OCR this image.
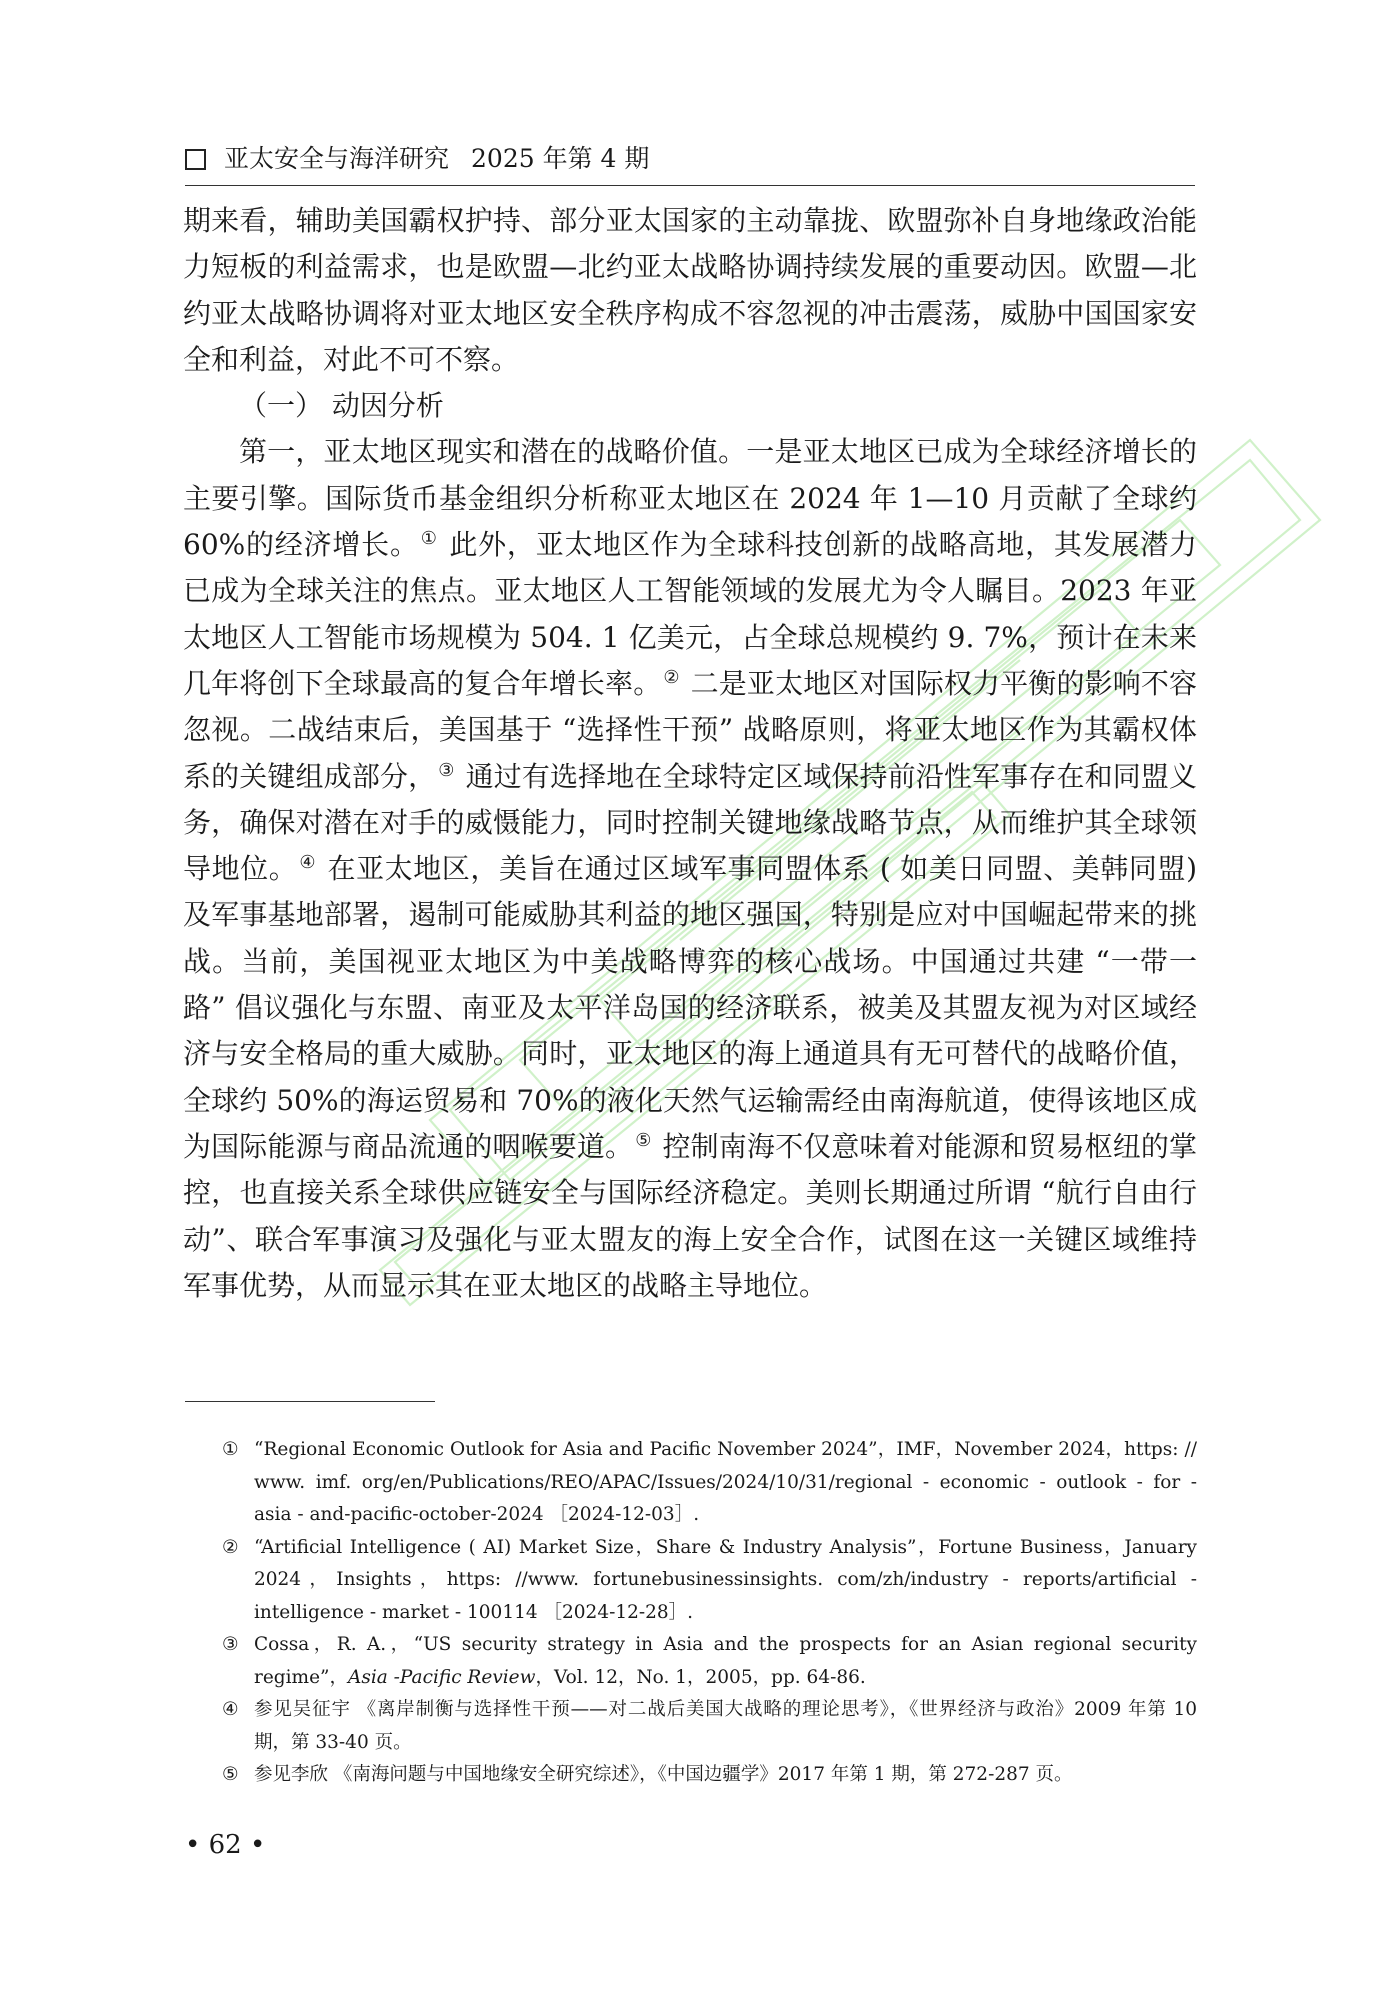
亚太安全与海洋研究 2025 年第 4 期

期来看，辅助美国霸权护持、部分亚太国家的主动靠拢、欧盟弥补自身地缘政治能力短板的利益需求，也是欧盟—北约亚太战略协调持续发展的重要动因。欧盟—北约亚太战略协调将对亚太地区安全秩序构成不容忽视的冲击震荡，威胁中国国家安全和利益，对此不可不察。

（一） 动因分析

第一，亚太地区现实和潜在的战略价值。一是亚太地区已成为全球经济增长的主要引擎。国际货币基金组织分析称亚太地区在 2024 年 1—10 月贡献了全球约 60%的经济增长。 ① 此外，亚太地区作为全球科技创新的战略高地，其发展潜力已成为全球关注的焦点。亚太地区人工智能领域的发展尤为令人瞩目。2023 年亚太地区人工智能市场规模为 504. 1 亿美元，占全球总规模约 9. 7%，预计在未来几年将创下全球最高的复合年增长率。 ② 二是亚太地区对国际权力平衡的影响不容忽视。二战结束后，美国基于 “选择性干预” 战略原则，将亚太地区作为其霸权体系的关键组成部分， ③ 通过有选择地在全球特定区域保持前沿性军事存在和同盟义务，确保对潜在对手的威慑能力，同时控制关键地缘战略节点，从而维护其全球领导地位。 ④ 在亚太地区，美旨在通过区域军事同盟体系 ( 如美日同盟、美韩同盟) 及军事基地部署，遏制可能威胁其利益的地区强国，特别是应对中国崛起带来的挑战。当前，美国视亚太地区为中美战略博弈的核心战场。中国通过共建 “一带一路” 倡议强化与东盟、南亚及太平洋岛国的经济联系，被美及其盟友视为对区域经济与安全格局的重大威胁。同时，亚太地区的海上通道具有无可替代的战略价值，全球约 50%的海运贸易和 70%的液化天然气运输需经由南海航道，使得该地区成为国际能源与商品流通的咽喉要道。 ⑤ 控制南海不仅意味着对能源和贸易枢纽的掌控，也直接关系全球供应链安全与国际经济稳定。美则长期通过所谓 “航行自由行动”、联合军事演习及强化与亚太盟友的海上安全合作，试图在这一关键区域维持军事优势，从而显示其在亚太地区的战略主导地位。

① “Regional Economic Outlook for Asia and Pacific November 2024”，IMF，November 2024，https: // www. imf. org/en/Publications/REO/APAC/Issues/2024/10/31/regional - economic - outlook - for - asia - and-pacific-october-2024 ［2024-12-03］.
② “Artificial Intelligence ( AI) Market Size，Share & Industry Analysis”，Fortune Business，January 2024，Insights，https: //www. fortunebusinessinsights. com/zh/industry - reports/artificial - intelligence - market - 100114 ［2024-12-28］.
③ Cossa，R. A.，“US security strategy in Asia and the prospects for an Asian regional security regime”，Asia -Pacific Review，Vol. 12，No. 1，2005，pp. 64-86.
④ 参见吴征宇 《离岸制衡与选择性干预——对二战后美国大战略的理论思考》，《世界经济与政治》2009 年第 10 期，第 33-40 页。
⑤ 参见李欣 《南海问题与中国地缘安全研究综述》，《中国边疆学》2017 年第 1 期，第 272-287 页。
• 62 •
